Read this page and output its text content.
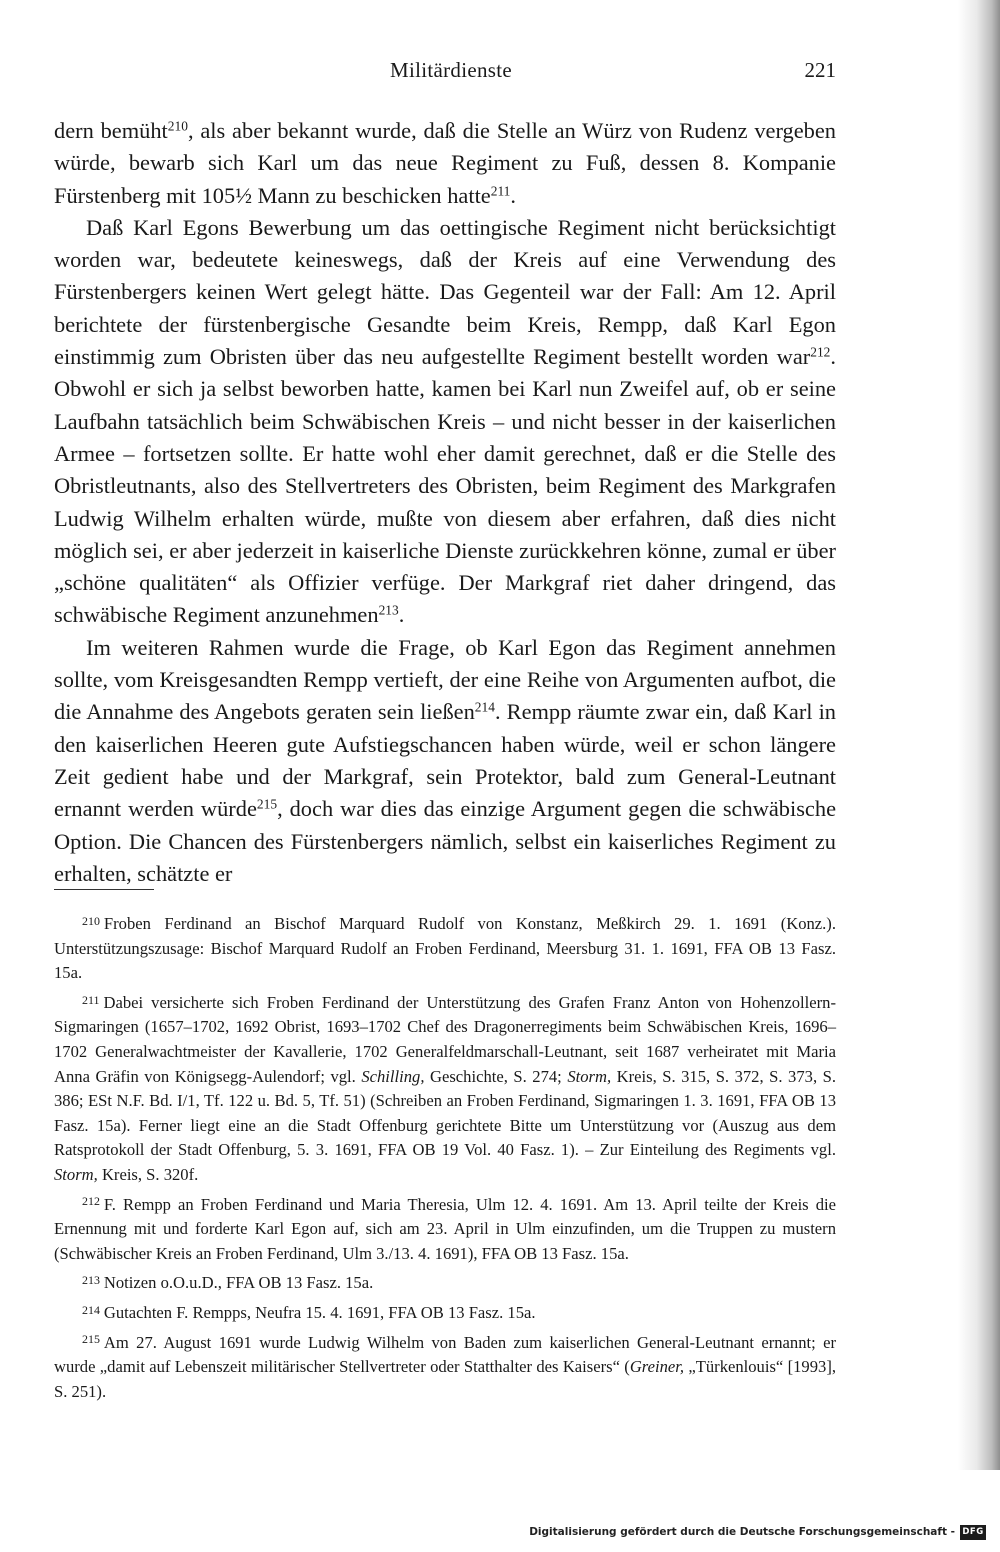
Militärdienste	221

dern bemüht$^{210}$, als aber bekannt wurde, daß die Stelle an Würz von Rudenz vergeben würde, bewarb sich Karl um das neue Regiment zu Fuß, dessen 8. Kompanie Fürstenberg mit 105½ Mann zu beschicken hatte$^{211}$.

Daß Karl Egons Bewerbung um das oettingische Regiment nicht berücksichtigt worden war, bedeutete keineswegs, daß der Kreis auf eine Verwendung des Fürstenbergers keinen Wert gelegt hätte. Das Gegenteil war der Fall: Am 12. April berichtete der fürstenbergische Gesandte beim Kreis, Rempp, daß Karl Egon einstimmig zum Obristen über das neu aufgestellte Regiment bestellt worden war$^{212}$. Obwohl er sich ja selbst beworben hatte, kamen bei Karl nun Zweifel auf, ob er seine Laufbahn tatsächlich beim Schwäbischen Kreis – und nicht besser in der kaiserlichen Armee – fortsetzen sollte. Er hatte wohl eher damit gerechnet, daß er die Stelle des Obristleutnants, also des Stellvertreters des Obristen, beim Regiment des Markgrafen Ludwig Wilhelm erhalten würde, mußte von diesem aber erfahren, daß dies nicht möglich sei, er aber jederzeit in kaiserliche Dienste zurückkehren könne, zumal er über „schöne qualitäten“ als Offizier verfüge. Der Markgraf riet daher dringend, das schwäbische Regiment anzunehmen$^{213}$.

Im weiteren Rahmen wurde die Frage, ob Karl Egon das Regiment annehmen sollte, vom Kreisgesandten Rempp vertieft, der eine Reihe von Argumenten aufbot, die die Annahme des Angebots geraten sein ließen$^{214}$. Rempp räumte zwar ein, daß Karl in den kaiserlichen Heeren gute Aufstiegschancen haben würde, weil er schon längere Zeit gedient habe und der Markgraf, sein Protektor, bald zum General-Leutnant ernannt werden würde$^{215}$, doch war dies das einzige Argument gegen die schwäbische Option. Die Chancen des Fürstenbergers nämlich, selbst ein kaiserliches Regiment zu erhalten, schätzte er

$^{210}$ Froben Ferdinand an Bischof Marquard Rudolf von Konstanz, Meßkirch 29. 1. 1691 (Konz.). Unterstützungszusage: Bischof Marquard Rudolf an Froben Ferdinand, Meersburg 31. 1. 1691, FFA OB 13 Fasz. 15a.

$^{211}$ Dabei versicherte sich Froben Ferdinand der Unterstützung des Grafen Franz Anton von Hohenzollern-Sigmaringen (1657–1702, 1692 Obrist, 1693–1702 Chef des Dragonerregiments beim Schwäbischen Kreis, 1696–1702 Generalwachtmeister der Kavallerie, 1702 Generalfeldmarschall-Leutnant, seit 1687 verheiratet mit Maria Anna Gräfin von Königsegg-Aulendorf; vgl. Schilling, Geschichte, S. 274; Storm, Kreis, S. 315, S. 372, S. 373, S. 386; ESt N.F. Bd. I/1, Tf. 122 u. Bd. 5, Tf. 51) (Schreiben an Froben Ferdinand, Sigmaringen 1. 3. 1691, FFA OB 13 Fasz. 15a). Ferner liegt eine an die Stadt Offenburg gerichtete Bitte um Unterstützung vor (Auszug aus dem Ratsprotokoll der Stadt Offenburg, 5. 3. 1691, FFA OB 19 Vol. 40 Fasz. 1). – Zur Einteilung des Regiments vgl. Storm, Kreis, S. 320f.

$^{212}$ F. Rempp an Froben Ferdinand und Maria Theresia, Ulm 12. 4. 1691. Am 13. April teilte der Kreis die Ernennung mit und forderte Karl Egon auf, sich am 23. April in Ulm einzufinden, um die Truppen zu mustern (Schwäbischer Kreis an Froben Ferdinand, Ulm 3./13. 4. 1691), FFA OB 13 Fasz. 15a.

$^{213}$ Notizen o.O.u.D., FFA OB 13 Fasz. 15a.

$^{214}$ Gutachten F. Rempps, Neufra 15. 4. 1691, FFA OB 13 Fasz. 15a.

$^{215}$ Am 27. August 1691 wurde Ludwig Wilhelm von Baden zum kaiserlichen General-Leutnant ernannt; er wurde „damit auf Lebenszeit militärischer Stellvertreter oder Statthalter des Kaisers“ (Greiner, „Türkenlouis“ [1993], S. 251).

Digitalisierung gefördert durch die Deutsche Forschungsgemeinschaft - DFG
